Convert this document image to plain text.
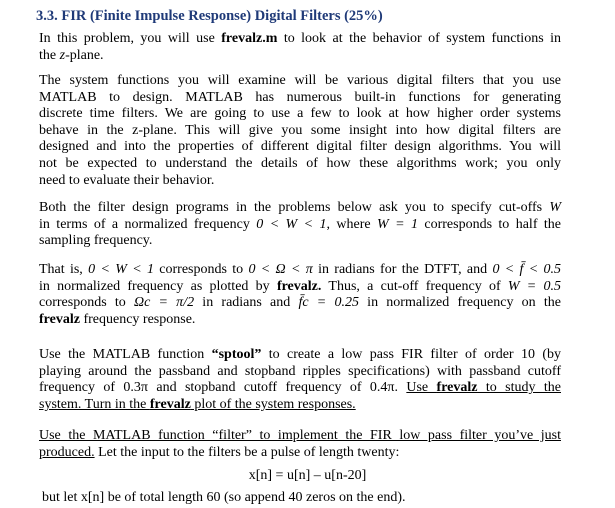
3.3. FIR (Finite Impulse Response) Digital Filters (25%)
In this problem, you will use frevalz.m to look at the behavior of system functions in
the z-plane.
The system functions you will examine will be various digital filters that you use
MATLAB to design. MATLAB has numerous built-in functions for generating
discrete time filters. We are going to use a few to look at how higher order systems
behave in the z-plane. This will give you some insight into how digital filters are
designed and into the properties of different digital filter design algorithms. You will
not be expected to understand the details of how these algorithms work; you only
need to evaluate their behavior.
Both the filter design programs in the problems below ask you to specify cut-offs W
in terms of a normalized frequency 0 < W < 1, where W = 1 corresponds to half the
sampling frequency.
That is, 0 < W < 1 corresponds to 0 < Ω < π in radians for the DTFT, and 0 < f̄ < 0.5
in normalized frequency as plotted by frevalz. Thus, a cut-off frequency of W = 0.5
corresponds to Ωc = π/2 in radians and f̄c = 0.25 in normalized frequency on the
frevalz frequency response.
Use the MATLAB function “sptool” to create a low pass FIR filter of order 10 (by
playing around the passband and stopband ripples specifications) with passband cutoff
frequency of 0.3π and stopband cutoff frequency of 0.4π. Use frevalz to study the
system. Turn in the frevalz plot of the system responses.
Use the MATLAB function “filter” to implement the FIR low pass filter you’ve just
produced. Let the input to the filters be a pulse of length twenty:
x[n] = u[n] – u[n-20]
but let x[n] be of total length 60 (so append 40 zeros on the end).
